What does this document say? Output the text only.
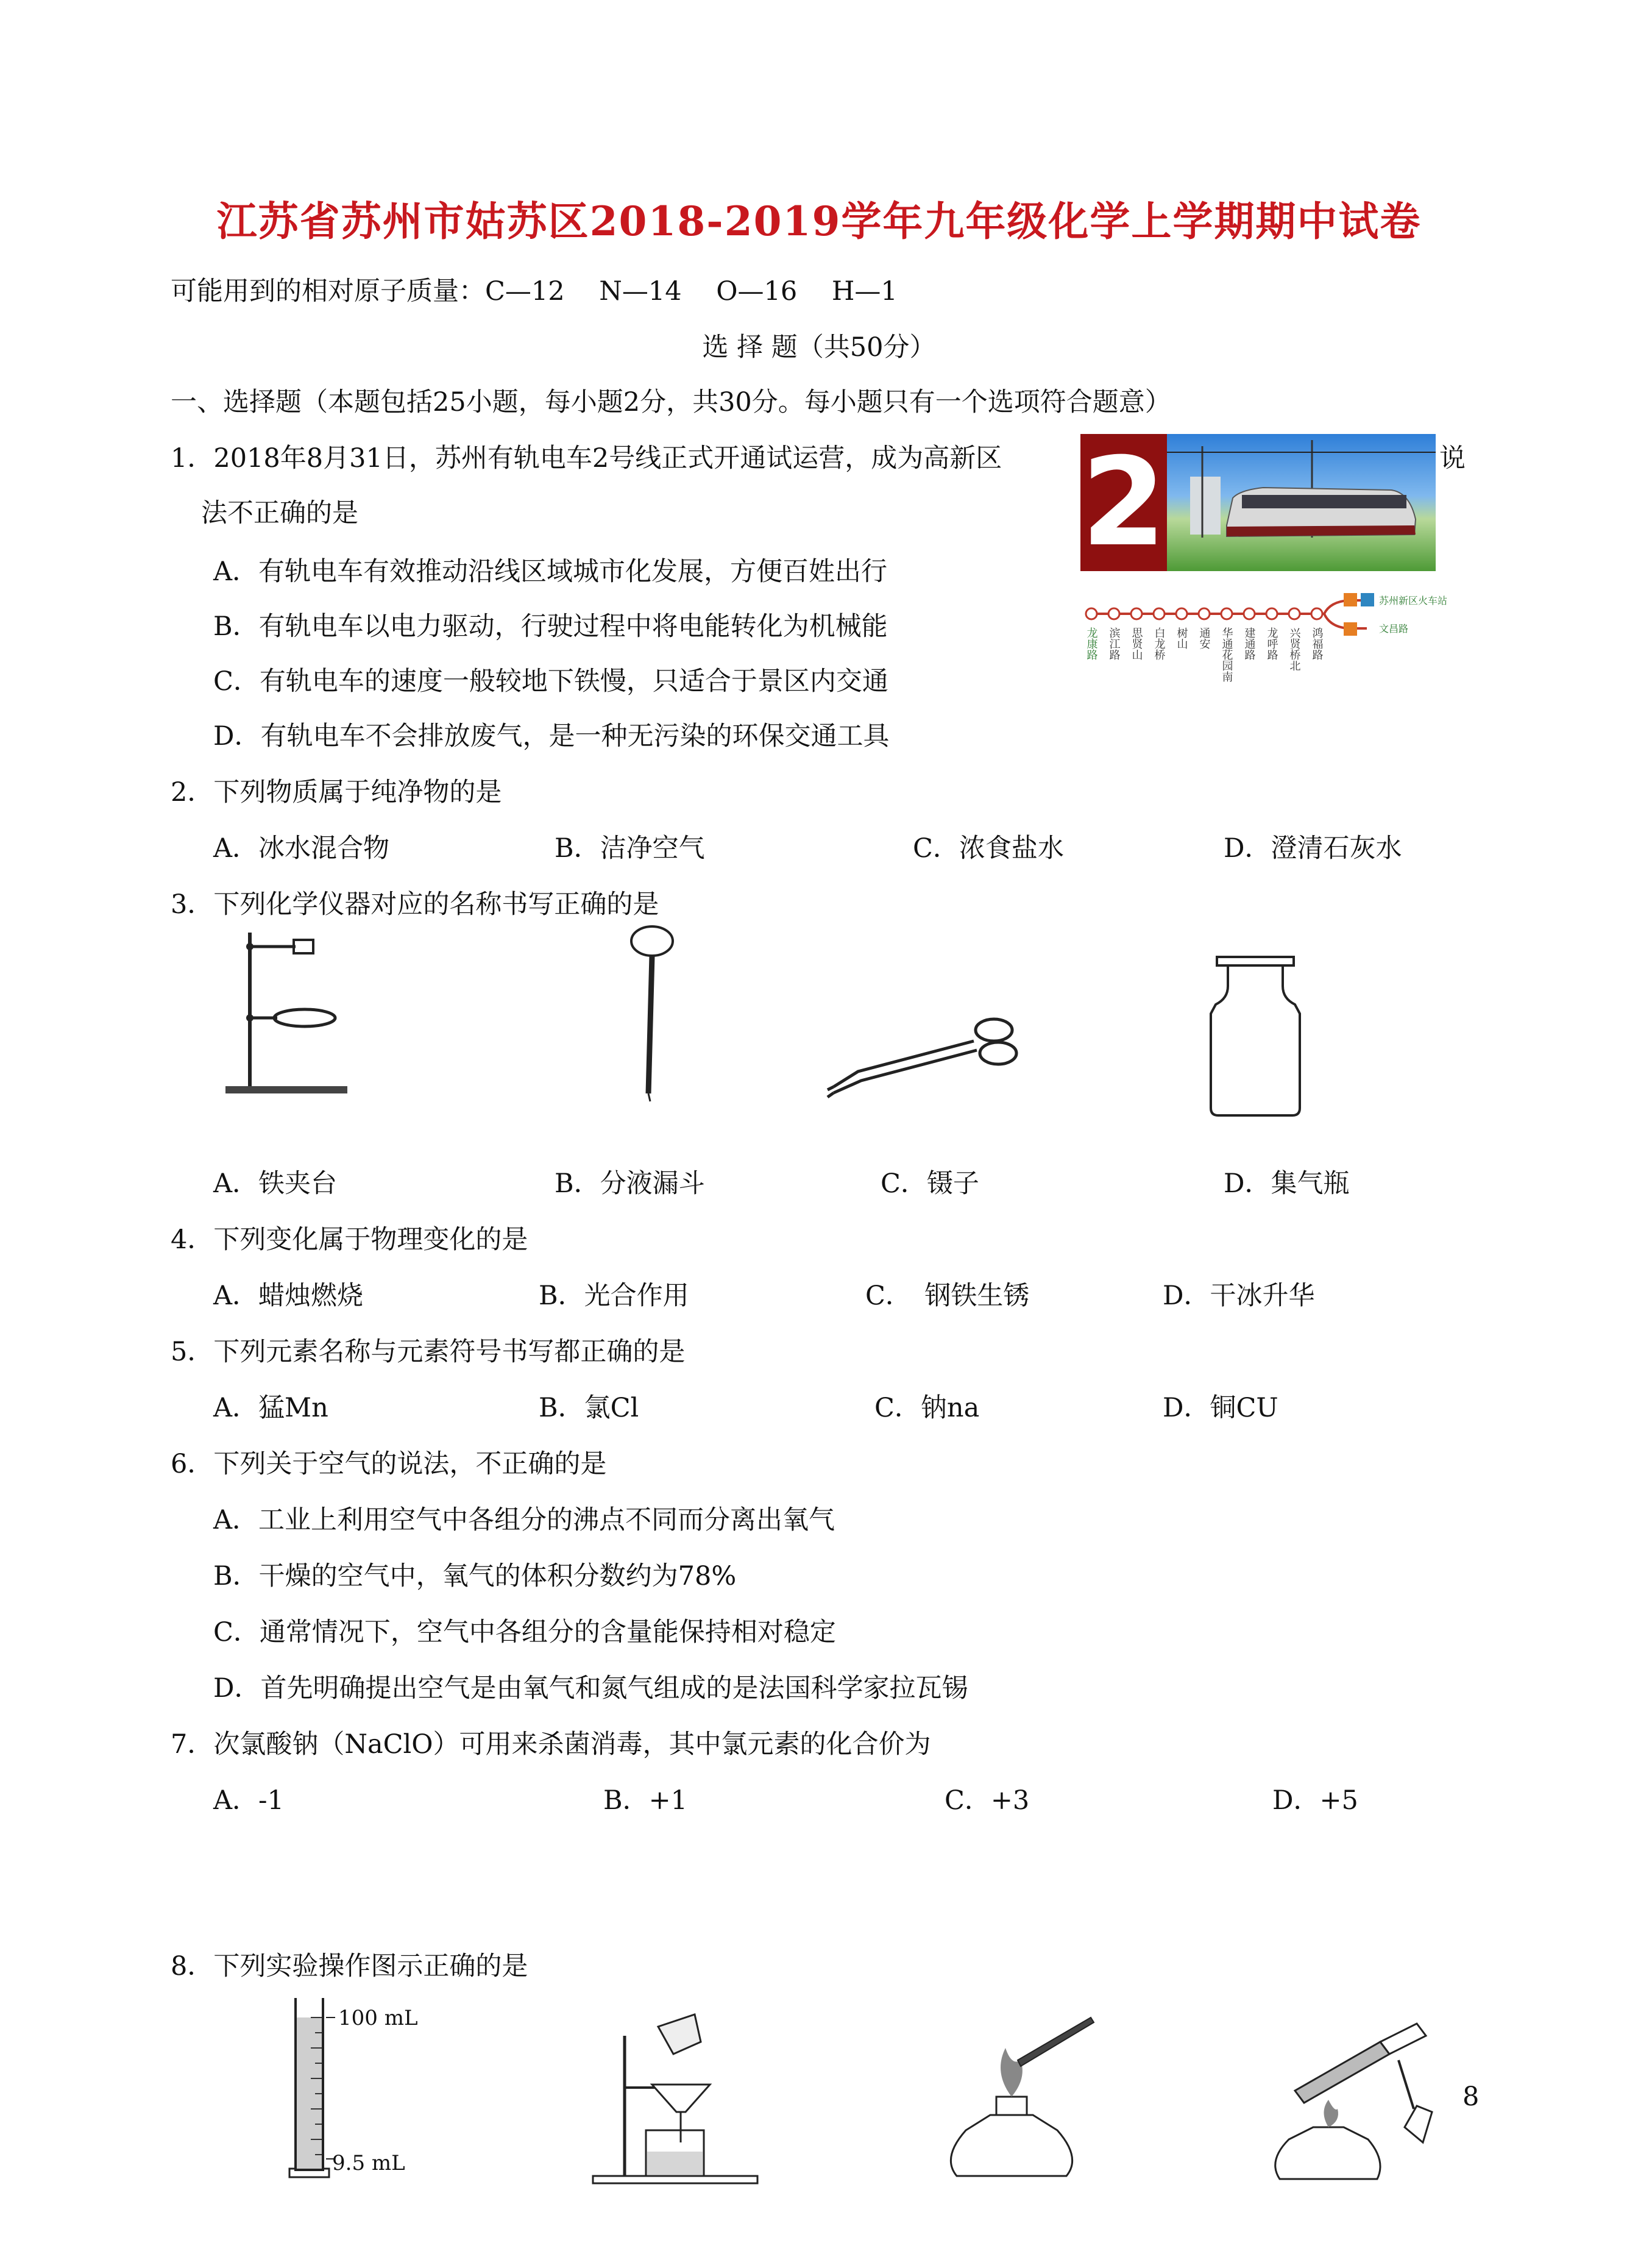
江苏省苏州市姑苏区2018-2019学年九年级化学上学期期中试卷
可能用到的相对原子质量：C—12　 N—14　 O—16　 H—1
选 择 题（共50分）
一、选择题（本题包括25小题，每小题2分，共30分。每小题只有一个选项符合题意）
1．2018年8月31日，苏州有轨电车2号线正式开通试运营，成为高新区	说
法不正确的是
A．有轨电车有效推动沿线区域城市化发展，方便百姓出行
B．有轨电车以电力驱动，行驶过程中将电能转化为机械能
C．有轨电车的速度一般较地下铁慢，只适合于景区内交通
D．有轨电车不会排放废气，是一种无污染的环保交通工具
2
苏州新区火车站
文昌路
龙康路 滨江路 思贤山 白龙桥 树山 通安 华通花园南 建通路 龙呼路 兴贤桥北 鸿福路
2．下列物质属于纯净物的是
A．冰水混合物	B．洁净空气	C．浓食盐水	D．澄清石灰水
3．下列化学仪器对应的名称书写正确的是
A．铁夹台	B．分液漏斗	C．镊子	D．集气瓶
4．下列变化属于物理变化的是
A．蜡烛燃烧	B．光合作用	C．　钢铁生锈	D．干冰升华
5．下列元素名称与元素符号书写都正确的是
A．猛Mn	B．氯Cl	C．钠na	D．铜CU
6．下列关于空气的说法，不正确的是
A．工业上利用空气中各组分的沸点不同而分离出氧气
B．干燥的空气中，氧气的体积分数约为78%
C．通常情况下，空气中各组分的含量能保持相对稳定
D．首先明确提出空气是由氧气和氮气组成的是法国科学家拉瓦锡
7．次氯酸钠（NaClO）可用来杀菌消毒，其中氯元素的化合价为
A．-1	B．+1	C．+3	D．+5
8．下列实验操作图示正确的是
100 mL
9.5 mL
8
